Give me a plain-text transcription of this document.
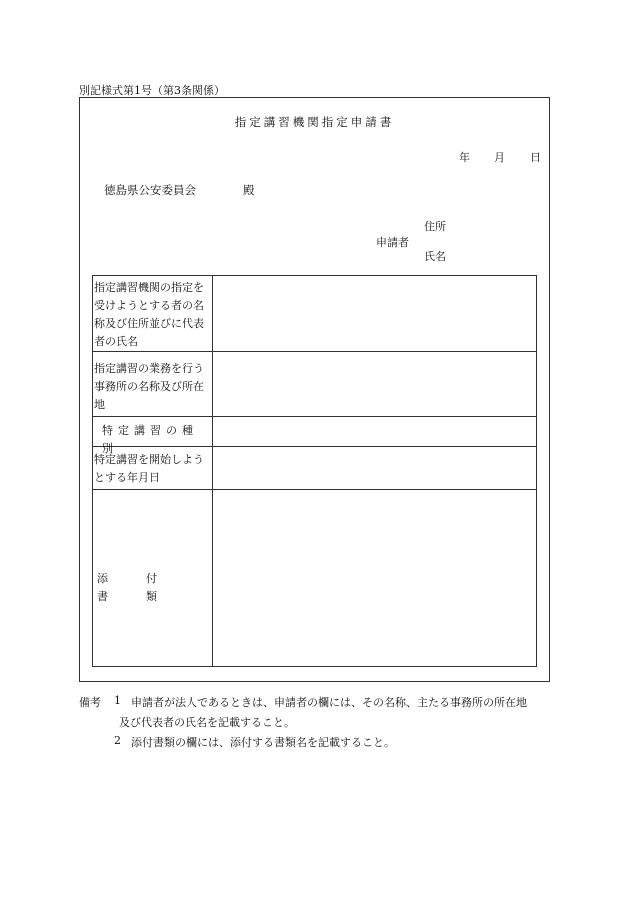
別記様式第1号（第3条関係）
指定講習機関指定申請書
年 月 日
徳島県公安委員会	殿
住所
申請者
氏名
指定講習機関の指定を受けようとする者の名称及び住所並びに代表者の氏名
指定講習の業務を行う事務所の名称及び所在地
特定講習の種別
特定講習を開始しようとする年月日
添付書類
備考 1 申請者が法人であるときは、申請者の欄には、その名称、主たる事務所の所在地
及び代表者の氏名を記載すること。
2 添付書類の欄には、添付する書類名を記載すること。
